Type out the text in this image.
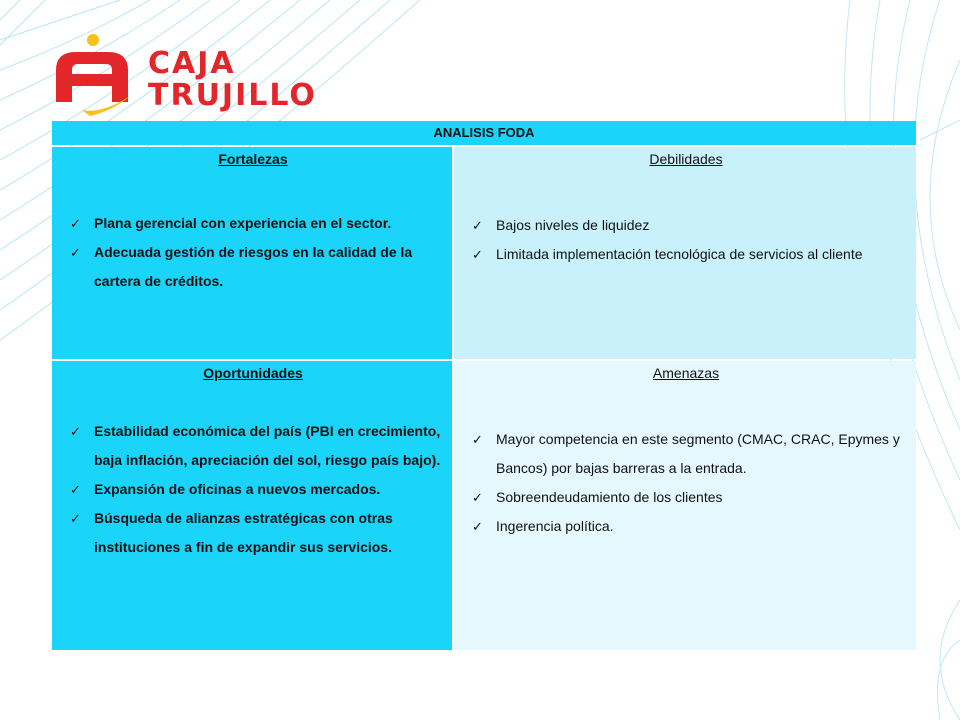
CAJA
TRUJILLO
ANALISIS FODA
Fortalezas
✓ Plana gerencial con experiencia en el sector.
✓ Adecuada gestión de riesgos en la calidad de la cartera de créditos.
Debilidades
✓ Bajos niveles de liquidez
✓ Limitada implementación tecnológica de servicios al cliente
Oportunidades
✓ Estabilidad económica del país (PBI en crecimiento, baja inflación, apreciación del sol, riesgo país bajo).
✓ Expansión de oficinas a nuevos mercados.
✓ Búsqueda de alianzas estratégicas con otras instituciones a fin de expandir sus servicios.
Amenazas
✓ Mayor competencia en este segmento (CMAC, CRAC, Epymes y Bancos) por bajas barreras a la entrada.
✓ Sobreendeudamiento de los clientes
✓ Ingerencia política.
